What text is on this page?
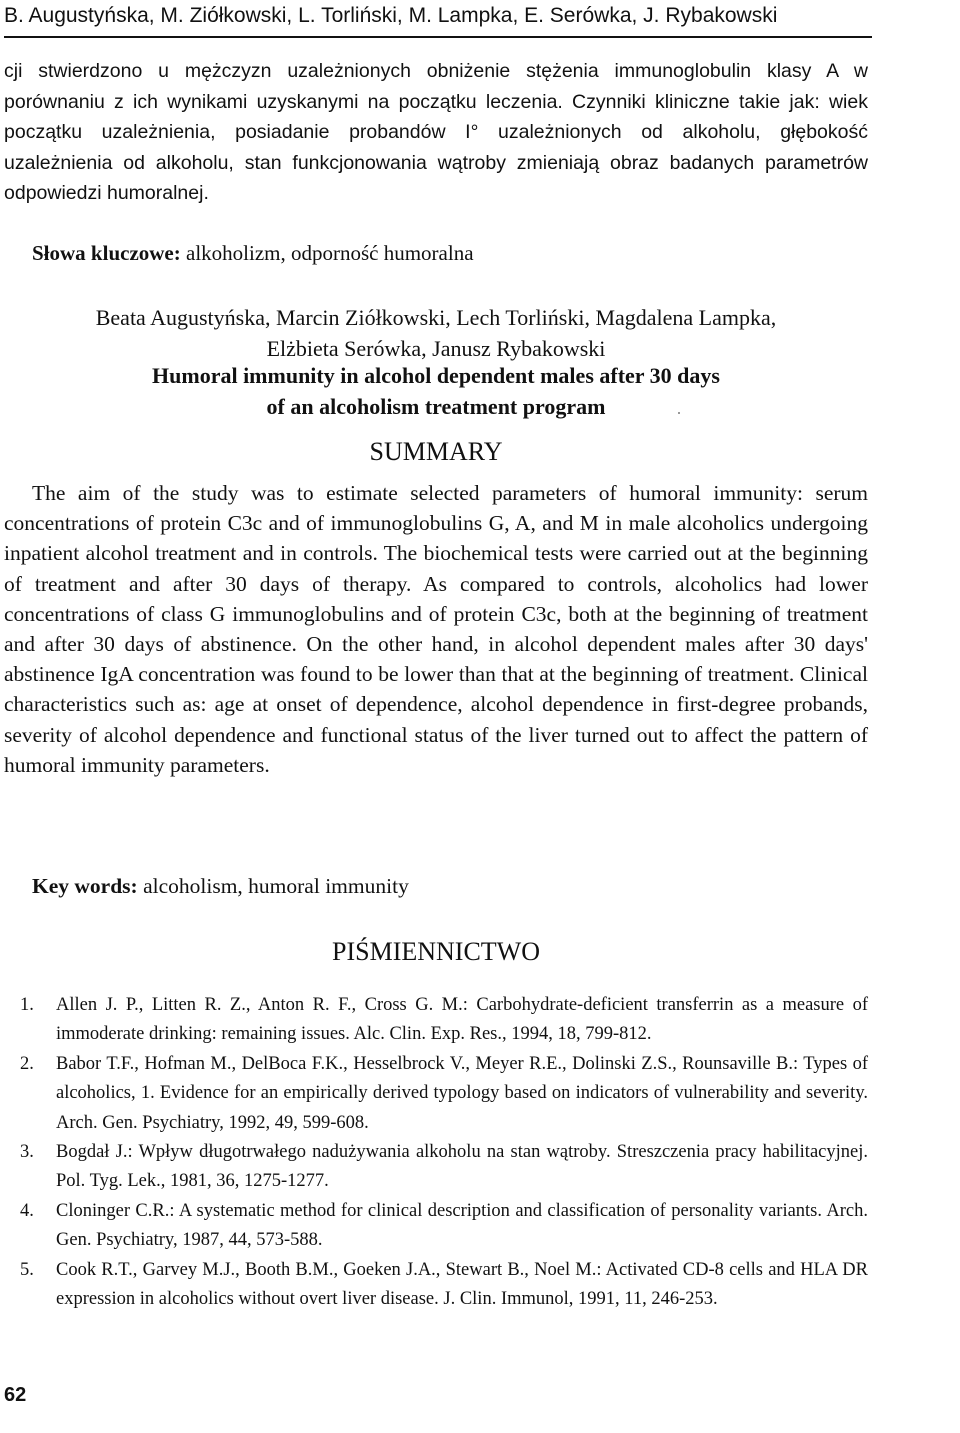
B. Augustyńska, M. Ziółkowski, L. Torliński, M. Lampka, E. Serówka, J. Rybakowski
cji stwierdzono u mężczyzn uzależnionych obniżenie stężenia immunoglobulin klasy A w porównaniu z ich wynikami uzyskanymi na początku leczenia. Czynniki kliniczne takie jak: wiek początku uzależnienia, posiadanie probandów I° uzależnionych od alkoholu, głębokość uzależnienia od alkoholu, stan funkcjonowania wątroby zmieniają obraz badanych parametrów odpowiedzi humoralnej.
Słowa kluczowe: alkoholizm, odporność humoralna
Beata Augustyńska, Marcin Ziółkowski, Lech Torliński, Magdalena Lampka,
Elżbieta Serówka, Janusz Rybakowski
Humoral immunity in alcohol dependent males after 30 days
of an alcoholism treatment program
SUMMARY
The aim of the study was to estimate selected parameters of humoral immunity: serum concentrations of protein C3c and of immunoglobulins G, A, and M in male alcoholics undergoing inpatient alcohol treatment and in controls. The biochemical tests were carried out at the beginning of treatment and after 30 days of therapy. As compared to controls, alcoholics had lower concentrations of class G immunoglobulins and of protein C3c, both at the beginning of treatment and after 30 days of abstinence. On the other hand, in alcohol dependent males after 30 days' abstinence IgA concentration was found to be lower than that at the beginning of treatment. Clinical characteristics such as: age at onset of dependence, alcohol dependence in first-degree probands, severity of alcohol dependence and functional status of the liver turned out to affect the pattern of humoral immunity parameters.
Key words: alcoholism, humoral immunity
PIŚMIENNICTWO
1. Allen J. P., Litten R. Z., Anton R. F., Cross G. M.: Carbohydrate-deficient transferrin as a measure of immoderate drinking: remaining issues. Alc. Clin. Exp. Res., 1994, 18, 799-812.
2. Babor T.F., Hofman M., DelBoca F.K., Hesselbrock V., Meyer R.E., Dolinski Z.S., Rounsaville B.: Types of alcoholics, 1. Evidence for an empirically derived typology based on indicators of vulnerability and severity. Arch. Gen. Psychiatry, 1992, 49, 599-608.
3. Bogdał J.: Wpływ długotrwałego nadużywania alkoholu na stan wątroby. Streszczenia pracy habilitacyjnej. Pol. Tyg. Lek., 1981, 36, 1275-1277.
4. Cloninger C.R.: A systematic method for clinical description and classification of personality variants. Arch. Gen. Psychiatry, 1987, 44, 573-588.
5. Cook R.T., Garvey M.J., Booth B.M., Goeken J.A., Stewart B., Noel M.: Activated CD-8 cells and HLA DR expression in alcoholics without overt liver disease. J. Clin. Immunol, 1991, 11, 246-253.
62
